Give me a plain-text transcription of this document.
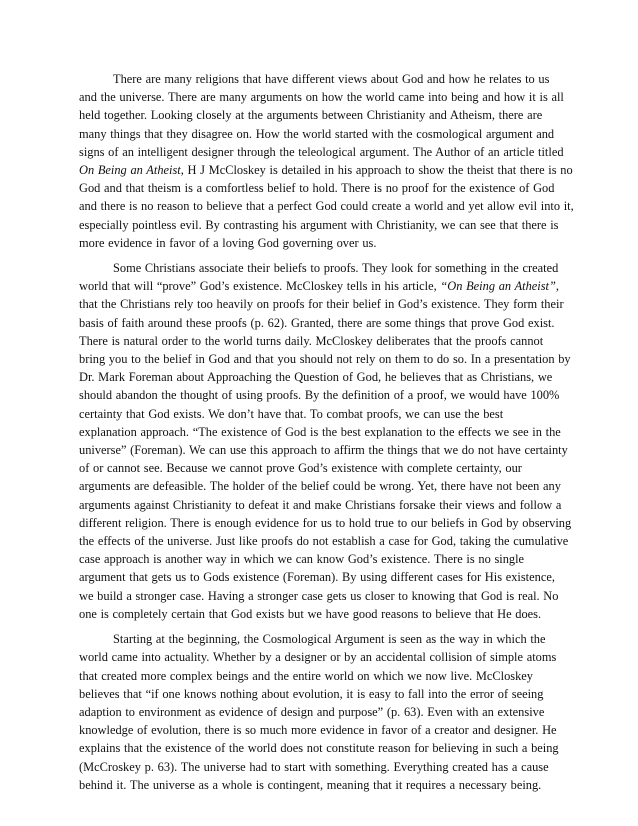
There are many religions that have different views about God and how he relates to us
and the universe. There are many arguments on how the world came into being and how it is all
held together. Looking closely at the arguments between Christianity and Atheism, there are
many things that they disagree on. How the world started with the cosmological argument and
signs of an intelligent designer through the teleological argument. The Author of an article titled
On Being an Atheist, H J McCloskey is detailed in his approach to show the theist that there is no
God and that theism is a comfortless belief to hold. There is no proof for the existence of God
and there is no reason to believe that a perfect God could create a world and yet allow evil into it,
especially pointless evil. By contrasting his argument with Christianity, we can see that there is
more evidence in favor of a loving God governing over us.
Some Christians associate their beliefs to proofs. They look for something in the created
world that will “prove” God’s existence. McCloskey tells in his article, “On Being an Atheist”,
that the Christians rely too heavily on proofs for their belief in God’s existence. They form their
basis of faith around these proofs (p. 62). Granted, there are some things that prove God exist.
There is natural order to the world turns daily. McCloskey deliberates that the proofs cannot
bring you to the belief in God and that you should not rely on them to do so. In a presentation by
Dr. Mark Foreman about Approaching the Question of God, he believes that as Christians, we
should abandon the thought of using proofs. By the definition of a proof, we would have 100%
certainty that God exists. We don’t have that. To combat proofs, we can use the best
explanation approach. “The existence of God is the best explanation to the effects we see in the
universe” (Foreman). We can use this approach to affirm the things that we do not have certainty
of or cannot see. Because we cannot prove God’s existence with complete certainty, our
arguments are defeasible. The holder of the belief could be wrong. Yet, there have not been any
arguments against Christianity to defeat it and make Christians forsake their views and follow a
different religion. There is enough evidence for us to hold true to our beliefs in God by observing
the effects of the universe. Just like proofs do not establish a case for God, taking the cumulative
case approach is another way in which we can know God’s existence. There is no single
argument that gets us to Gods existence (Foreman). By using different cases for His existence,
we build a stronger case. Having a stronger case gets us closer to knowing that God is real. No
one is completely certain that God exists but we have good reasons to believe that He does.
Starting at the beginning, the Cosmological Argument is seen as the way in which the
world came into actuality. Whether by a designer or by an accidental collision of simple atoms
that created more complex beings and the entire world on which we now live. McCloskey
believes that “if one knows nothing about evolution, it is easy to fall into the error of seeing
adaption to environment as evidence of design and purpose” (p. 63). Even with an extensive
knowledge of evolution, there is so much more evidence in favor of a creator and designer. He
explains that the existence of the world does not constitute reason for believing in such a being
(McCroskey p. 63). The universe had to start with something. Everything created has a cause
behind it. The universe as a whole is contingent, meaning that it requires a necessary being.
